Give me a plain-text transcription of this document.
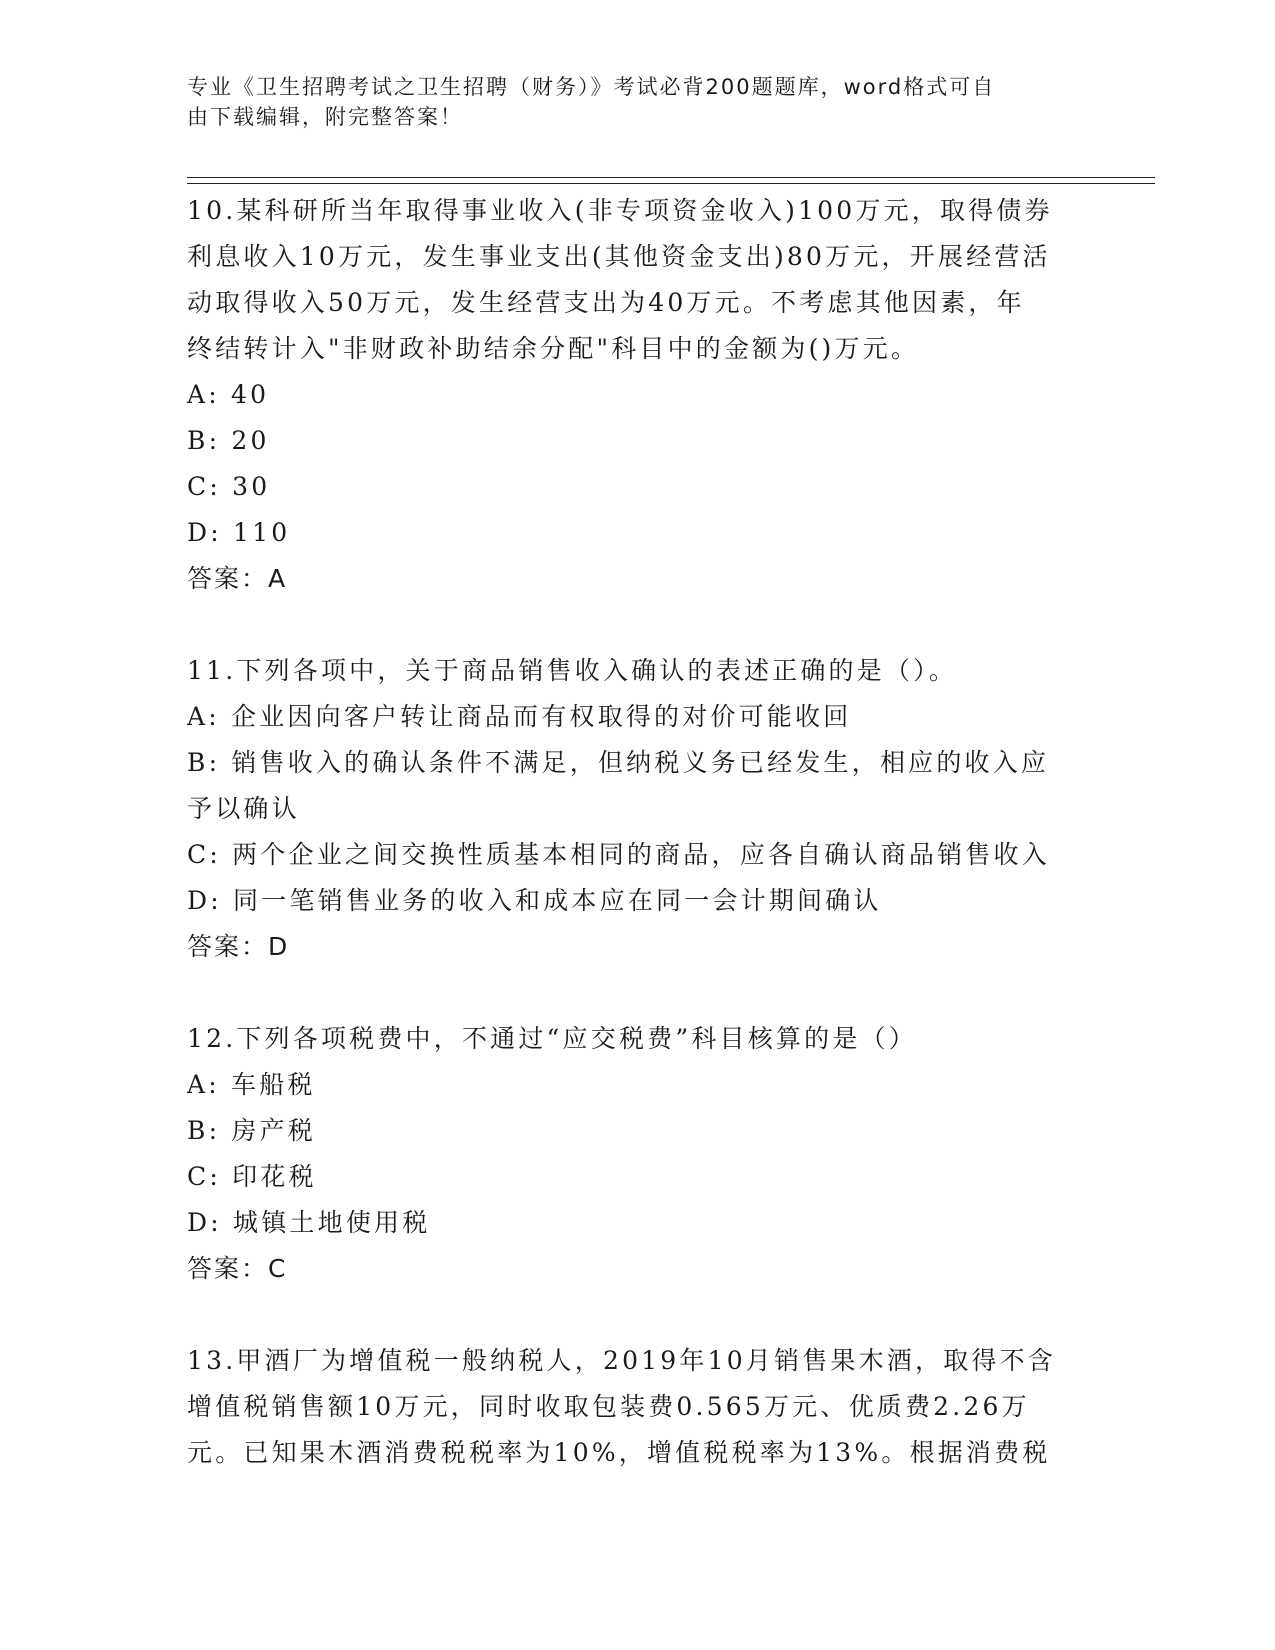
专业《卫生招聘考试之卫生招聘（财务）》考试必背200题题库，word格式可自
由下载编辑，附完整答案！
10.某科研所当年取得事业收入(非专项资金收入)100万元，取得债券
利息收入10万元，发生事业支出(其他资金支出)80万元，开展经营活
动取得收入50万元，发生经营支出为40万元。不考虑其他因素，年
终结转计入"非财政补助结余分配"科目中的金额为()万元。
A: 40
B: 20
C: 30
D: 110
答案：A
11.下列各项中，关于商品销售收入确认的表述正确的是（）。
A: 企业因向客户转让商品而有权取得的对价可能收回
B: 销售收入的确认条件不满足，但纳税义务已经发生，相应的收入应
予以确认
C: 两个企业之间交换性质基本相同的商品，应各自确认商品销售收入
D: 同一笔销售业务的收入和成本应在同一会计期间确认
答案：D
12.下列各项税费中，不通过“应交税费”科目核算的是（）
A: 车船税
B: 房产税
C: 印花税
D: 城镇土地使用税
答案：C
13.甲酒厂为增值税一般纳税人，2019年10月销售果木酒，取得不含
增值税销售额10万元，同时收取包装费0.565万元、优质费2.26万
元。已知果木酒消费税税率为10%，增值税税率为13%。根据消费税
